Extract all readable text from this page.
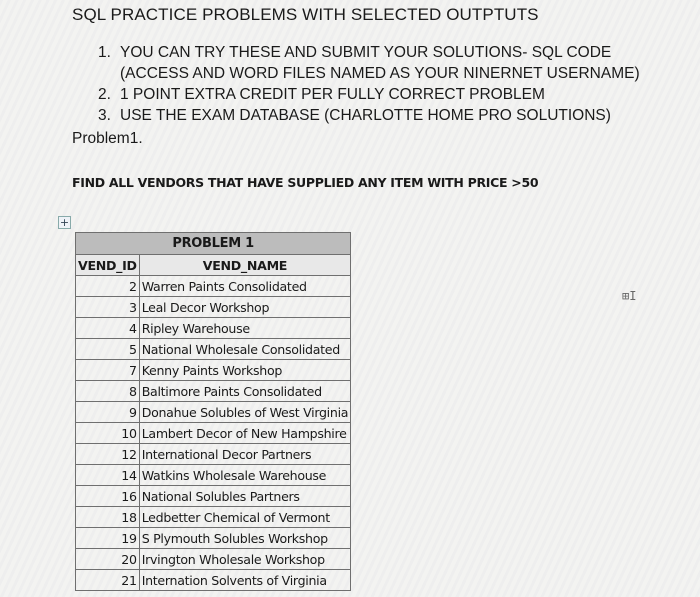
SQL PRACTICE PROBLEMS WITH SELECTED OUTPTUTS
1. YOU CAN TRY THESE AND SUBMIT YOUR SOLUTIONS- SQL CODE (ACCESS AND WORD FILES NAMED AS YOUR NINERNET USERNAME)
2. 1 POINT EXTRA CREDIT PER FULLY CORRECT PROBLEM
3. USE THE EXAM DATABASE (CHARLOTTE HOME PRO SOLUTIONS)
Problem1.
FIND ALL VENDORS THAT HAVE SUPPLIED ANY ITEM WITH PRICE >50
+
PROBLEM 1	
VEND_ID	VEND_NAME
2	Warren Paints Consolidated
3	Leal Decor Workshop
4	Ripley Warehouse
5	National Wholesale Consolidated
7	Kenny Paints Workshop
8	Baltimore Paints Consolidated
9	Donahue Solubles of West Virginia
10	Lambert Decor of New Hampshire
12	International Decor Partners
14	Watkins Wholesale Warehouse
16	National Solubles Partners
18	Ledbetter Chemical of Vermont
19	S Plymouth Solubles Workshop
20	Irvington Wholesale Workshop
21	Internation Solvents of Virginia
⊞I
